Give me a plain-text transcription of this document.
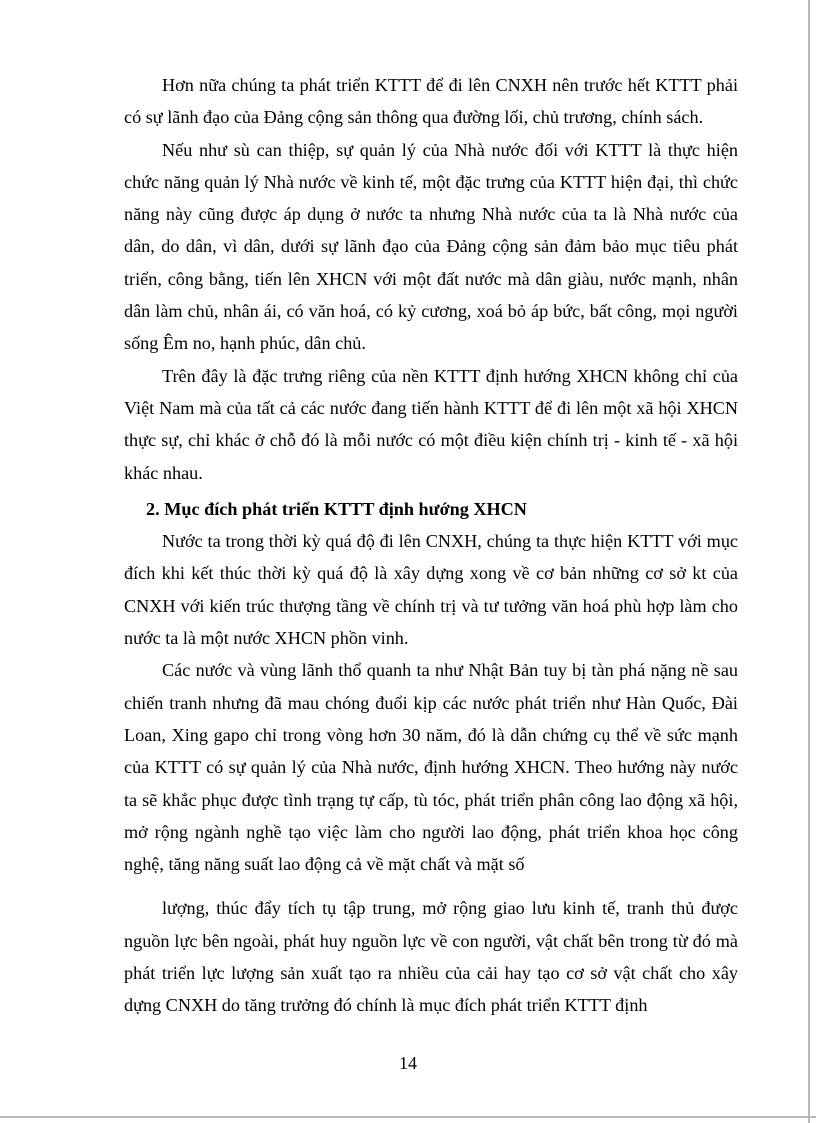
Hơn nữa chúng ta phát triển KTTT để đi lên CNXH nên trước hết KTTT phải có sự lãnh đạo của Đảng cộng sản thông qua đường lối, chủ trương, chính sách.

Nếu như sù can thiệp, sự quản lý của Nhà nước đối với KTTT là thực hiện chức năng quản lý Nhà nước về kinh tế, một đặc trưng của KTTT hiện đại, thì chức năng này cũng được áp dụng ở nước ta nhưng Nhà nước của ta là Nhà nước của dân, do dân, vì dân, dưới sự lãnh đạo của Đảng cộng sản đảm bảo mục tiêu phát triển, công bằng, tiến lên XHCN với một đất nước mà dân giàu, nước mạnh, nhân dân làm chủ, nhân ái, có văn hoá, có kỷ cương, xoá bỏ áp bức, bất công, mọi người sống Êm no, hạnh phúc, dân chủ.

Trên đây là đặc trưng riêng của nền KTTT định hướng XHCN không chỉ của Việt Nam mà của tất cả các nước đang tiến hành KTTT để đi lên một xã hội XHCN thực sự, chỉ khác ở chỗ đó là mỗi nước có một điều kiện chính trị - kinh tế - xã hội khác nhau.

2. Mục đích phát triển KTTT định hướng XHCN

Nước ta trong thời kỳ quá độ đi lên CNXH, chúng ta thực hiện KTTT với mục đích khi kết thúc thời kỳ quá độ là xây dựng xong về cơ bản những cơ sở kt của CNXH với kiến trúc thượng tầng về chính trị và tư tưởng văn hoá phù hợp làm cho nước ta là một nước XHCN phồn vinh.

Các nước và vùng lãnh thổ quanh ta như Nhật Bản tuy bị tàn phá nặng nề sau chiến tranh nhưng đã mau chóng đuổi kịp các nước phát triển như Hàn Quốc, Đài Loan, Xing gapo chỉ trong vòng hơn 30 năm, đó là dẫn chứng cụ thể về sức mạnh của KTTT có sự quản lý của Nhà nước, định hướng XHCN. Theo hướng này nước ta sẽ khắc phục được tình trạng tự cấp, tù tóc, phát triển phân công lao động xã hội, mở rộng ngành nghề tạo việc làm cho người lao động, phát triển khoa học công nghệ, tăng năng suất lao động cả về mặt chất và mặt số

lượng, thúc đẩy tích tụ tập trung, mở rộng giao lưu kinh tế, tranh thủ được nguồn lực bên ngoài, phát huy nguồn lực về con người, vật chất bên trong từ đó mà phát triển lực lượng sản xuất tạo ra nhiều của cải hay tạo cơ sở vật chất cho xây dựng CNXH do tăng trưởng đó chính là mục đích phát triển KTTT định

14
